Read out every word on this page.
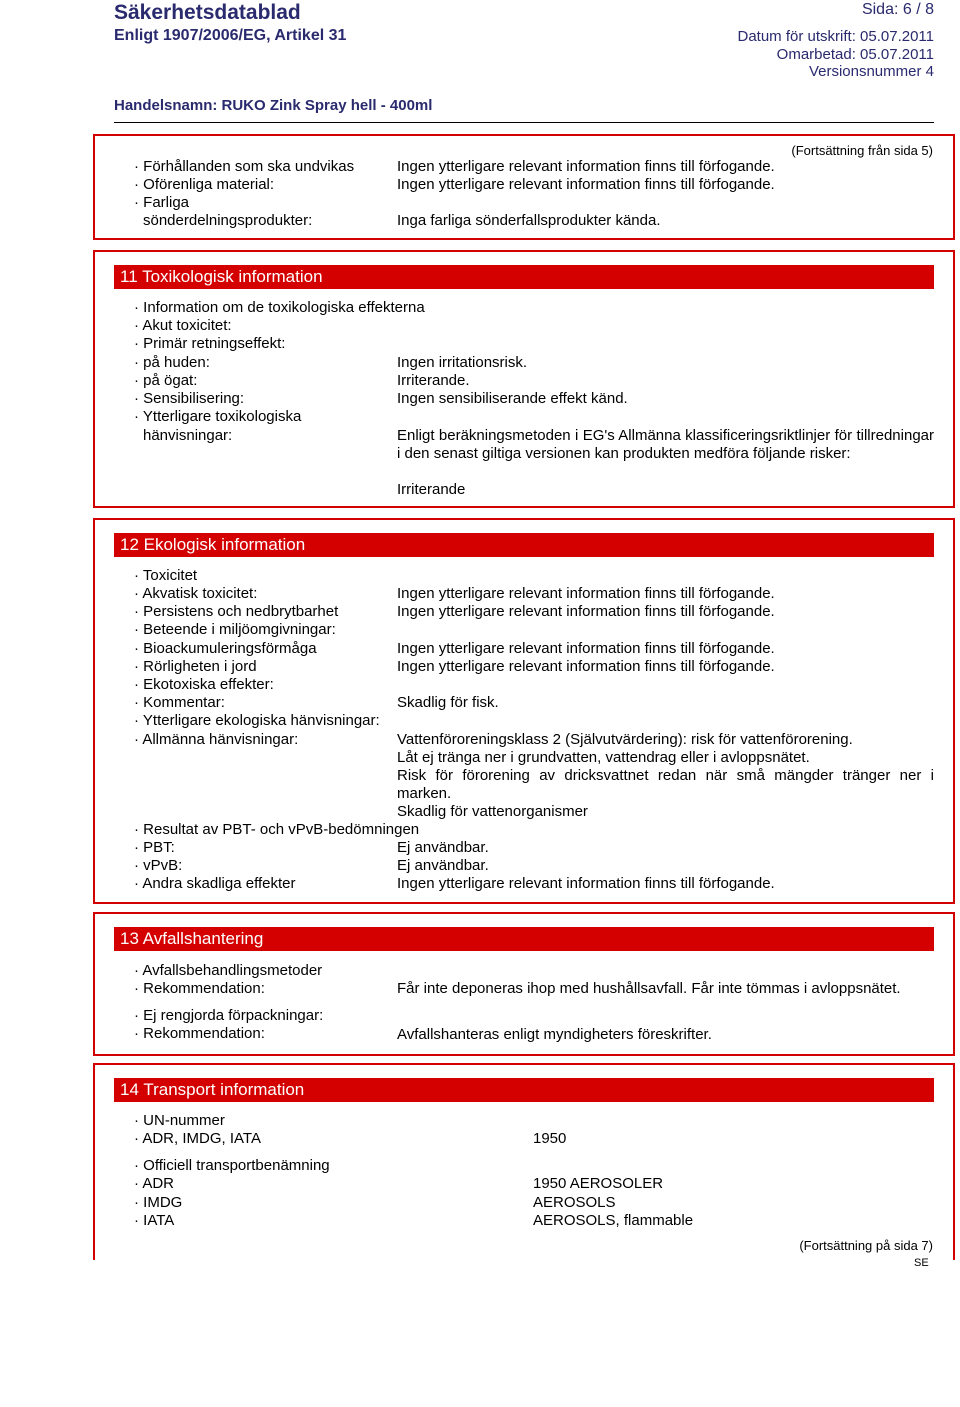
Säkerhetsdatablad
Enligt 1907/2006/EG, Artikel 31
Sida: 6 / 8
Datum för utskrift: 05.07.2011
Omarbetad: 05.07.2011
Versionsnummer 4
Handelsnamn: RUKO Zink Spray hell - 400ml
(Fortsättning från sida 5)
· Förhållanden som ska undvikas	Ingen ytterligare relevant information finns till förfogande.
· Oförenliga material:	Ingen ytterligare relevant information finns till förfogande.
· Farliga
sönderdelningsprodukter:	Inga farliga sönderfallsprodukter kända.
11 Toxikologisk information
· Information om de toxikologiska effekterna
· Akut toxicitet:
· Primär retningseffekt:
· på huden:	Ingen irritationsrisk.
· på ögat:	Irriterande.
· Sensibilisering:	Ingen sensibiliserande effekt känd.
· Ytterligare toxikologiska
hänvisningar:	Enligt beräkningsmetoden i EG's Allmänna klassificeringsriktlinjer för tillredningar i den senast giltiga versionen kan produkten medföra följande risker:
Irriterande
12 Ekologisk information
· Toxicitet
· Akvatisk toxicitet:	Ingen ytterligare relevant information finns till förfogande.
· Persistens och nedbrytbarhet	Ingen ytterligare relevant information finns till förfogande.
· Beteende i miljöomgivningar:
· Bioackumuleringsförmåga	Ingen ytterligare relevant information finns till förfogande.
· Rörligheten i jord	Ingen ytterligare relevant information finns till förfogande.
· Ekotoxiska effekter:
· Kommentar:	Skadlig för fisk.
· Ytterligare ekologiska hänvisningar:
· Allmänna hänvisningar:	Vattenföroreningsklass 2 (Självutvärdering): risk för vattenförorening.
Låt ej tränga ner i grundvatten, vattendrag eller i avloppsnätet.
Risk för förorening av dricksvattnet redan när små mängder tränger ner i marken.
Skadlig för vattenorganismer
· Resultat av PBT- och vPvB-bedömningen
· PBT:	Ej användbar.
· vPvB:	Ej användbar.
· Andra skadliga effekter	Ingen ytterligare relevant information finns till förfogande.
13 Avfallshantering
· Avfallsbehandlingsmetoder
· Rekommendation:	Får inte deponeras ihop med hushållsavfall. Får inte tömmas i avloppsnätet.
· Ej rengjorda förpackningar:
· Rekommendation:	Avfallshanteras enligt myndigheters föreskrifter.
14 Transport information
· UN-nummer
· ADR, IMDG, IATA	1950
· Officiell transportbenämning
· ADR	1950 AEROSOLER
· IMDG	AEROSOLS
· IATA	AEROSOLS, flammable
(Fortsättning på sida 7)
SE
